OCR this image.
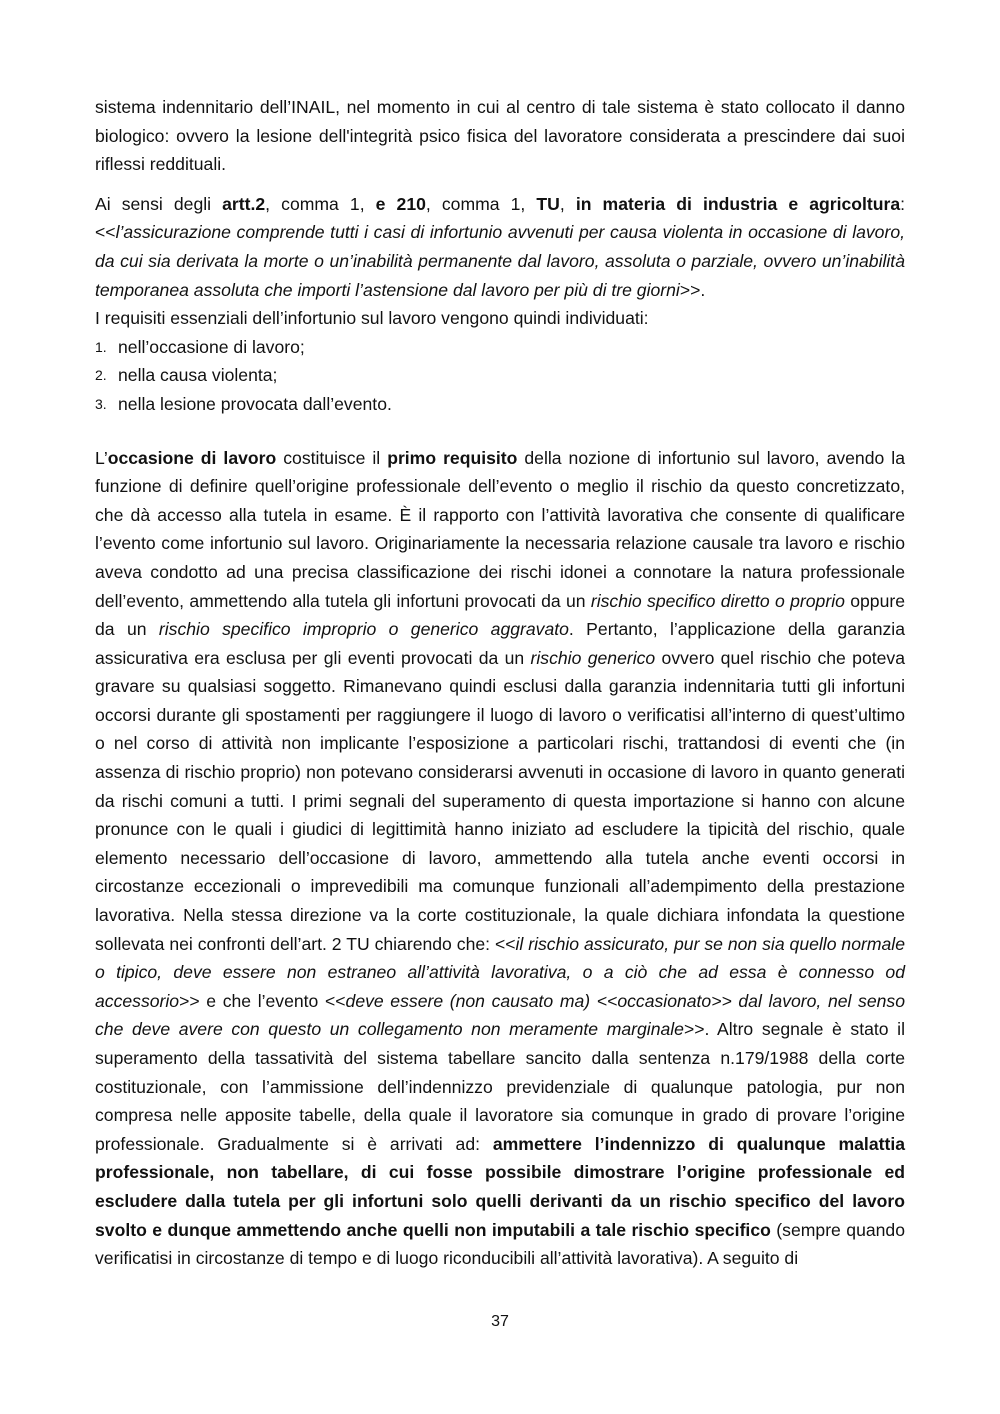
sistema indennitario dell’INAIL, nel momento in cui al centro di tale sistema è stato collocato il danno biologico: ovvero la lesione dell'integrità psico fisica del lavoratore considerata a prescindere dai suoi riflessi reddituali.

Ai sensi degli artt.2, comma 1, e 210, comma 1, TU, in materia di industria e agricoltura: <<l’assicurazione comprende tutti i casi di infortunio avvenuti per causa violenta in occasione di lavoro, da cui sia derivata la morte o un’inabilità permanente dal lavoro, assoluta o parziale, ovvero un’inabilità temporanea assoluta che importi l’astensione dal lavoro per più di tre giorni>>.

I requisiti essenziali dell’infortunio sul lavoro vengono quindi individuati:

1. nell’occasione di lavoro;
2. nella causa violenta;
3. nella lesione provocata dall’evento.

L’occasione di lavoro costituisce il primo requisito della nozione di infortunio sul lavoro, avendo la funzione di definire quell’origine professionale dell’evento o meglio il rischio da questo concretizzato, che dà accesso alla tutela in esame. È il rapporto con l’attività lavorativa che consente di qualificare l’evento come infortunio sul lavoro. Originariamente la necessaria relazione causale tra lavoro e rischio aveva condotto ad una precisa classificazione dei rischi idonei a connotare la natura professionale dell’evento, ammettendo alla tutela gli infortuni provocati da un rischio specifico diretto o proprio oppure da un rischio specifico improprio o generico aggravato. Pertanto, l’applicazione della garanzia assicurativa era esclusa per gli eventi provocati da un rischio generico ovvero quel rischio che poteva gravare su qualsiasi soggetto. Rimanevano quindi esclusi dalla garanzia indennitaria tutti gli infortuni occorsi durante gli spostamenti per raggiungere il luogo di lavoro o verificatisi all’interno di quest’ultimo o nel corso di attività non implicante l’esposizione a particolari rischi, trattandosi di eventi che (in assenza di rischio proprio) non potevano considerarsi avvenuti in occasione di lavoro in quanto generati da rischi comuni a tutti. I primi segnali del superamento di questa importazione si hanno con alcune pronunce con le quali i giudici di legittimità hanno iniziato ad escludere la tipicità del rischio, quale elemento necessario dell’occasione di lavoro, ammettendo alla tutela anche eventi occorsi in circostanze eccezionali o imprevedibili ma comunque funzionali all’adempimento della prestazione lavorativa. Nella stessa direzione va la corte costituzionale, la quale dichiara infondata la questione sollevata nei confronti dell’art. 2 TU chiarendo che: <<il rischio assicurato, pur se non sia quello normale o tipico, deve essere non estraneo all’attività lavorativa, o a ciò che ad essa è connesso od accessorio>> e che l’evento <<deve essere (non causato ma) <<occasionato>> dal lavoro, nel senso che deve avere con questo un collegamento non meramente marginale>>. Altro segnale è stato il superamento della tassatività del sistema tabellare sancito dalla sentenza n.179/1988 della corte costituzionale, con l’ammissione dell’indennizzo previdenziale di qualunque patologia, pur non compresa nelle apposite tabelle, della quale il lavoratore sia comunque in grado di provare l’origine professionale. Gradualmente si è arrivati ad: ammettere l’indennizzo di qualunque malattia professionale, non tabellare, di cui fosse possibile dimostrare l’origine professionale ed escludere dalla tutela per gli infortuni solo quelli derivanti da un rischio specifico del lavoro svolto e dunque ammettendo anche quelli non imputabili a tale rischio specifico (sempre quando verificatisi in circostanze di tempo e di luogo riconducibili all’attività lavorativa). A seguito di

37
